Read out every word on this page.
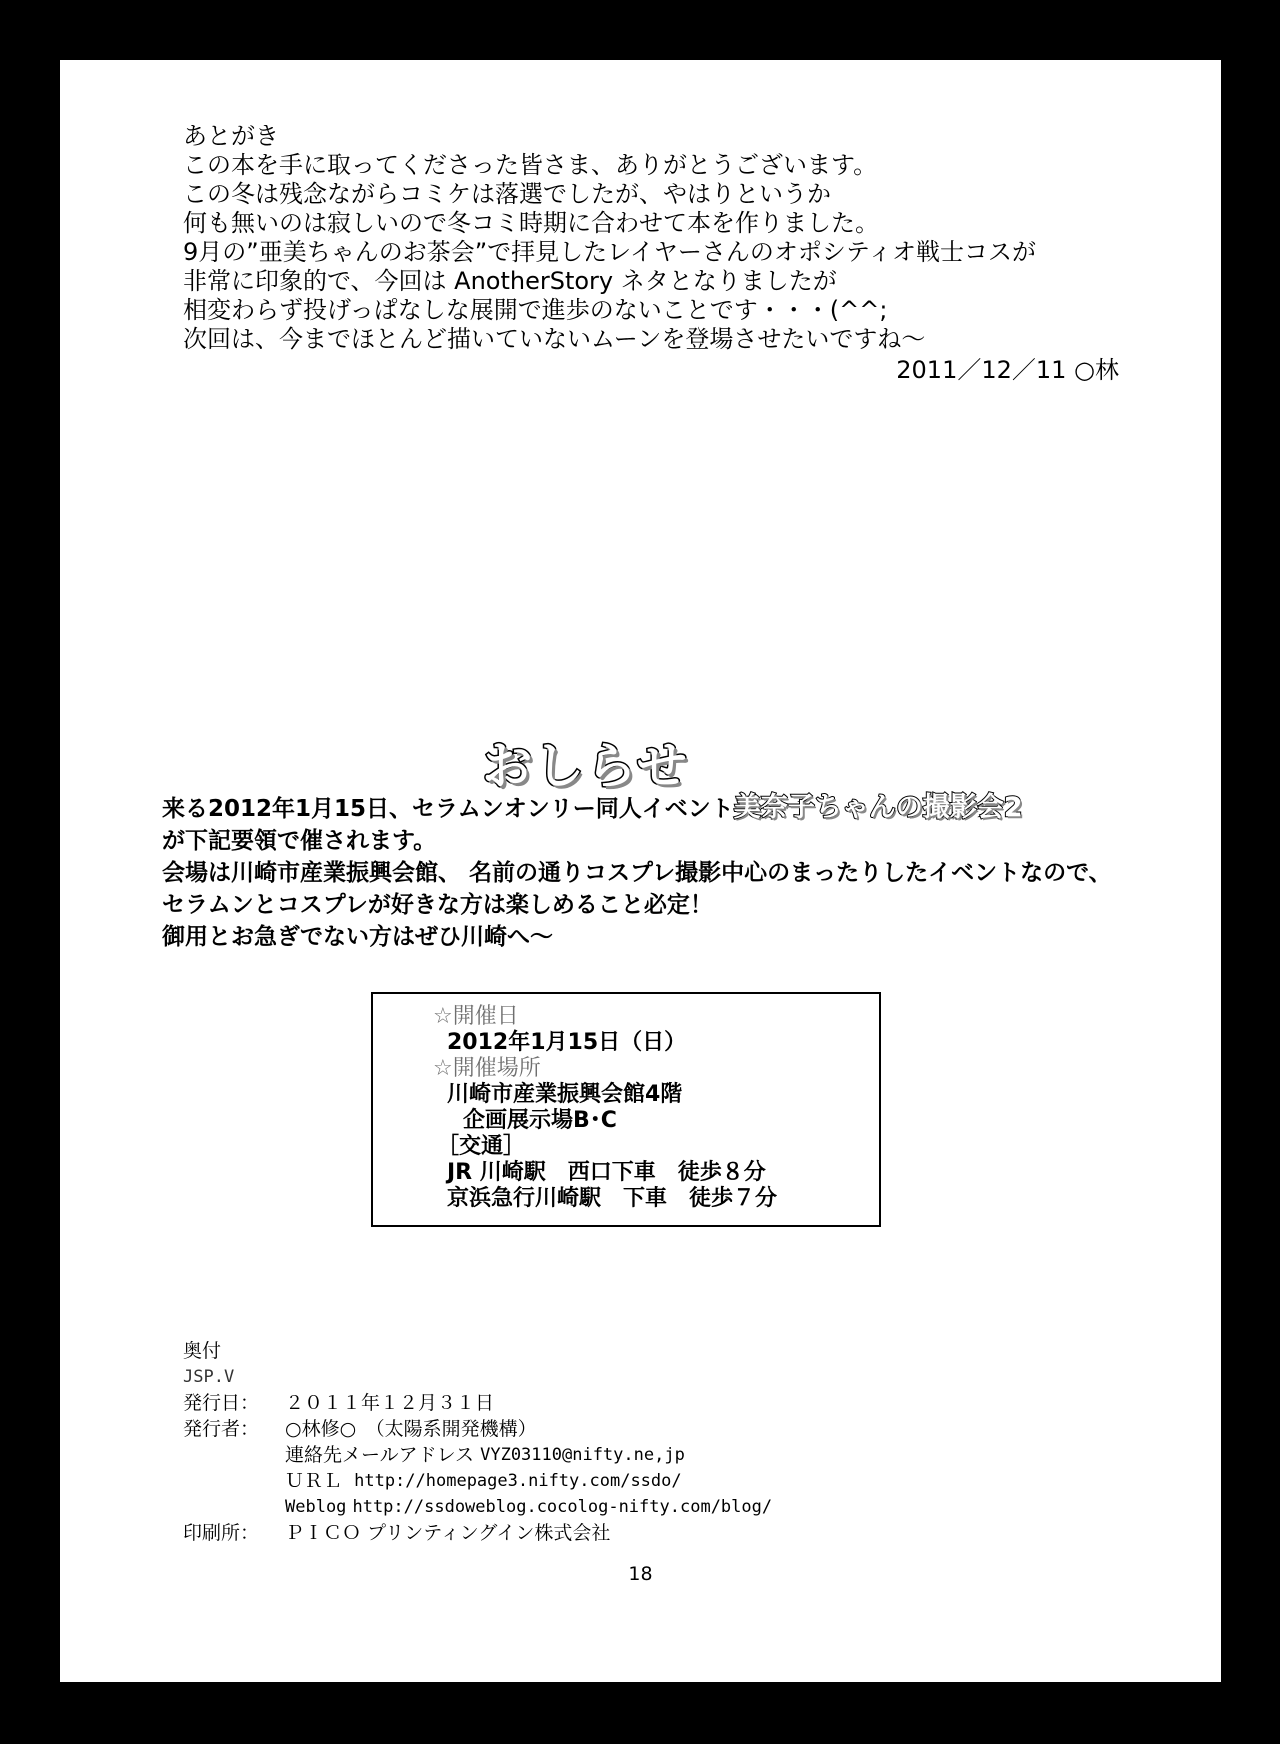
あとがき
この本を手に取ってくださった皆さま、ありがとうございます。
この冬は残念ながらコミケは落選でしたが、やはりというか
何も無いのは寂しいので冬コミ時期に合わせて本を作りました。
9月の”亜美ちゃんのお茶会”で拝見したレイヤーさんのオポシティオ戦士コスが
非常に印象的で、今回は AnotherStory ネタとなりましたが
相変わらず投げっぱなしな展開で進歩のないことです・・・(^^;
次回は、今までほとんど描いていないムーンを登場させたいですね～
2011／12／11 ○林
おしらせ
来る2012年1月15日、セラムンオンリー同人イベント美奈子ちゃんの撮影会2
が下記要領で催されます。
会場は川崎市産業振興会館、 名前の通りコスプレ撮影中心のまったりしたイベントなので、
セラムンとコスプレが好きな方は楽しめること必定！
御用とお急ぎでない方はぜひ川崎へ～
☆開催日
2012年1月15日（日）
☆開催場所
川崎市産業振興会館4階
企画展示場B･C
［交通］
JR 川崎駅　西口下車　徒歩８分
京浜急行川崎駅　下車　徒歩７分
奥付
JSP.V
発行日：	２０１１年１２月３１日
発行者：	○林修○　（太陽系開発機構）
連絡先メールアドレス
VYZ03110@nifty.ne,jp
ＵＲＬ
http://homepage3.nifty.com/ssdo/
Weblog
http://ssdoweblog.cocolog-nifty.com/blog/
印刷所：	ＰＩＣＯ プリンティングイン株式会社
18
